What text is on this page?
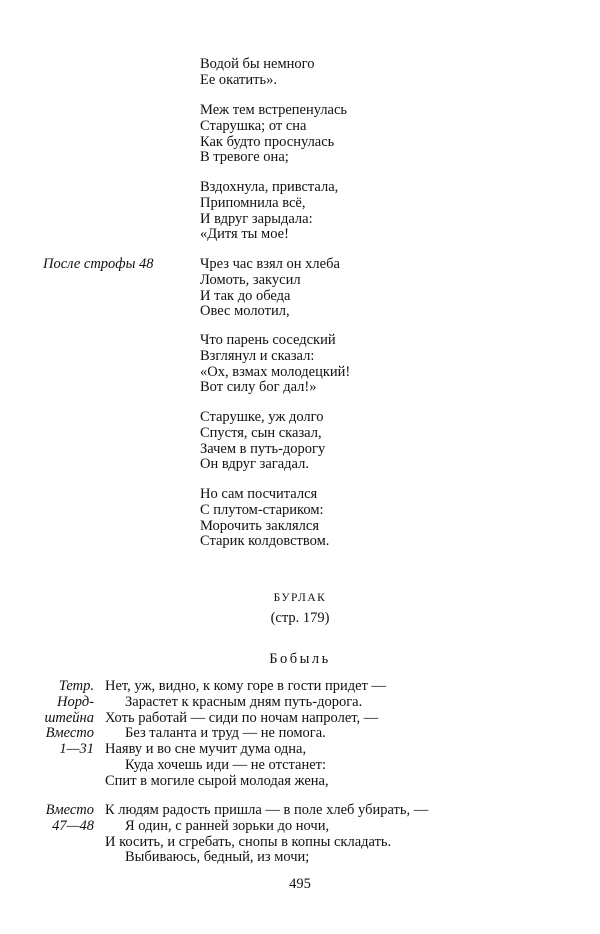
Водой бы немного
Ее окатить».
Меж тем встрепенулась
Старушка; от сна
Как будто проснулась
В тревоге она;
Вздохнула, привстала,
Припомнила всё,
И вдруг зарыдала:
«Дитя ты мое!
После строфы 48	Чрез час взял он хлеба
Ломоть, закусил
И так до обеда
Овес молотил,
Что парень соседский
Взглянул и сказал:
«Ох, взмах молодецкий!
Вот силу бог дал!»
Старушке, уж долго
Спустя, сын сказал,
Зачем в путь-дорогу
Он вдруг загадал.
Но сам посчитался
С плутом-стариком:
Морочить заклялся
Старик колдовством.
БУРЛАК
(стр. 179)
Бобыль
Тетр. Нет, уж, видно, к кому горе в гости придет —
Норд- Зарастет к красным дням путь-дорога.
штейна Хоть работай — сиди по ночам напролет, —
Вместо Без таланта и труд — не помога.
1—31 Наяву и во сне мучит дума одна,
Куда хочешь иди — не отстанет:
Спит в могиле сырой молодая жена,
Вместо К людям радость пришла — в поле хлеб убирать, —
47—48 Я один, с ранней зорьки до ночи,
И косить, и сгребать, снопы в копны складать.
Выбиваюсь, бедный, из мочи;
495
